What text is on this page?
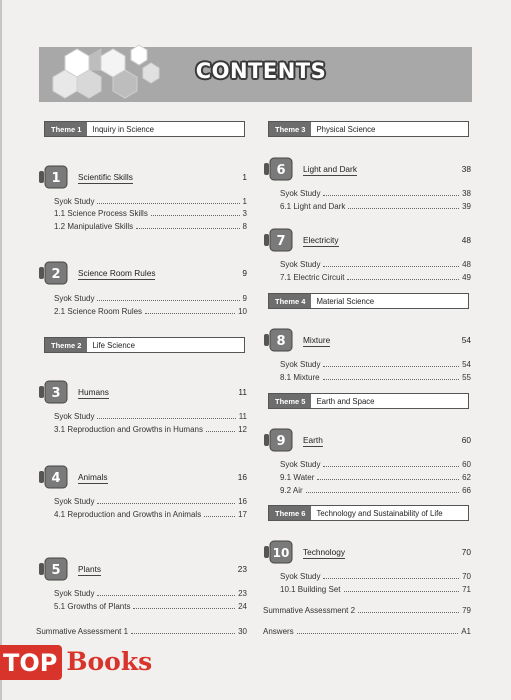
CONTENTS
Theme 1	Inquiry in Science
1 Scientific Skills	1
Syok Study	1
1.1 Science Process Skills	3
1.2 Manipulative Skills	8
2 Science Room Rules	9
Syok Study	9
2.1 Science Room Rules	10
Theme 2	Life Science
3 Humans	11
Syok Study	11
3.1 Reproduction and Growths in Humans	12
4 Animals	16
Syok Study	16
4.1 Reproduction and Growths in Animals	17
5 Plants	23
Syok Study	23
5.1 Growths of Plants	24
Summative Assessment 1	30
Theme 3	Physical Science
6 Light and Dark	38
Syok Study	38
6.1 Light and Dark	39
7 Electricity	48
Syok Study	48
7.1 Electric Circuit	49
Theme 4	Material Science
8 Mixture	54
Syok Study	54
8.1 Mixture	55
Theme 5	Earth and Space
9 Earth	60
Syok Study	60
9.1 Water	62
9.2 Air	66
Theme 6	Technology and Sustainability of Life
10 Technology	70
Syok Study	70
10.1 Building Set	71
Summative Assessment 2	79
Answers	A1
TOP Books
